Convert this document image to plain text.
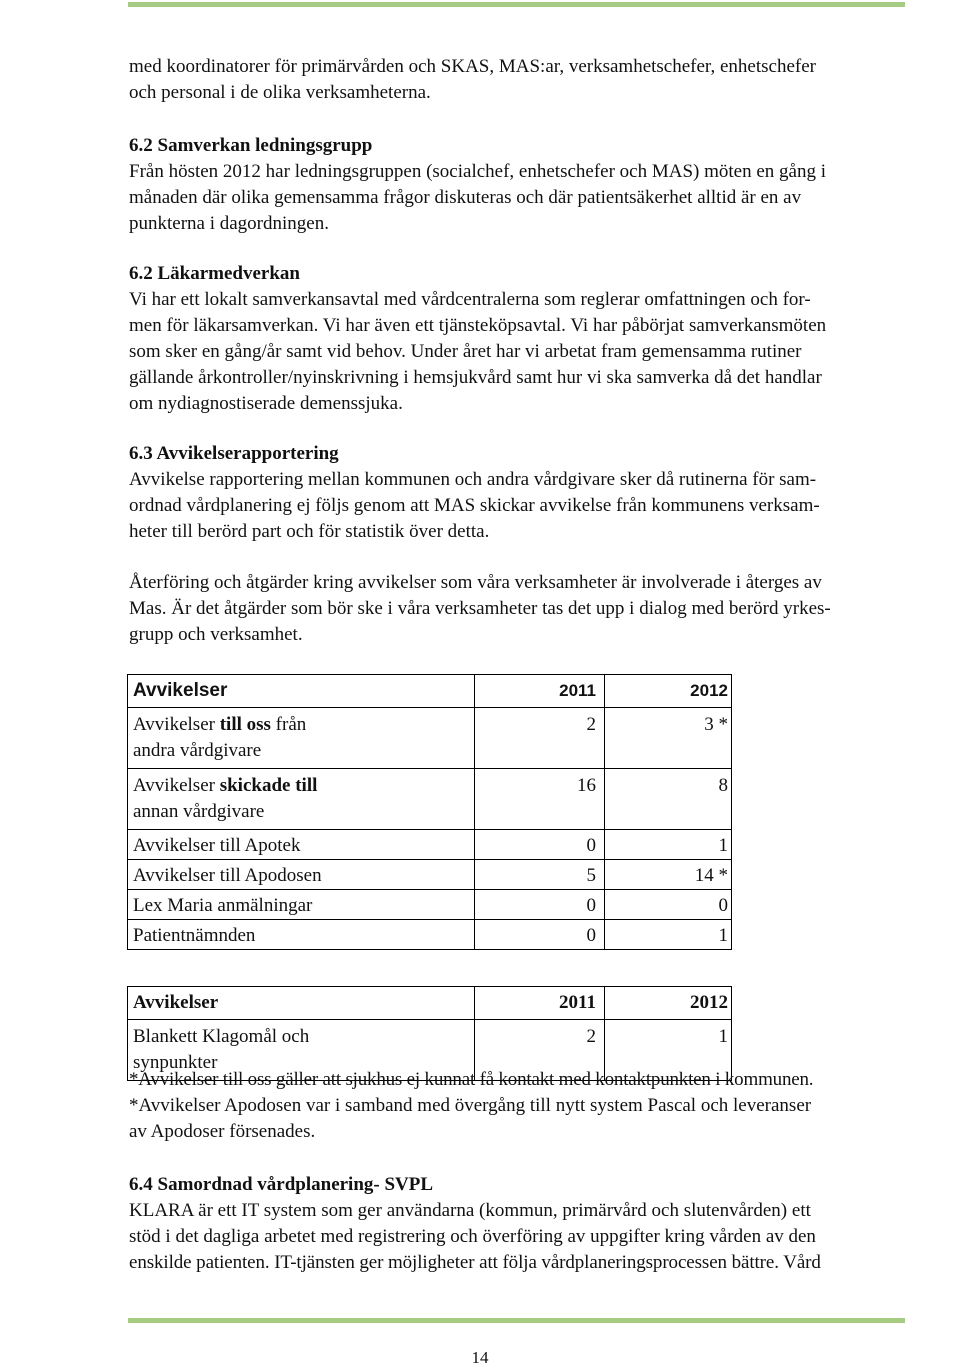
med koordinatorer för primärvården och SKAS, MAS:ar, verksamhetschefer, enhetschefer

och personal i de olika verksamheterna.

6.2 Samverkan ledningsgrupp

Från hösten 2012 har ledningsgruppen (socialchef, enhetschefer och MAS) möten en gång i

månaden där olika gemensamma frågor diskuteras och där patientsäkerhet alltid är en av

punkterna i dagordningen.

6.2 Läkarmedverkan

Vi har ett lokalt samverkansavtal med vårdcentralerna som reglerar omfattningen och for-

men för läkarsamverkan. Vi har även ett tjänsteköpsavtal. Vi har påbörjat samverkansmöten

som sker en gång/år samt vid behov. Under året har vi arbetat fram gemensamma rutiner

gällande årkontroller/nyinskrivning i hemsjukvård samt hur vi ska samverka då det handlar

om nydiagnostiserade demenssjuka.

6.3 Avvikelserapportering

Avvikelse rapportering mellan kommunen och andra vårdgivare sker då rutinerna för sam-

ordnad vårdplanering ej följs genom att MAS skickar avvikelse från kommunens verksam-

heter till berörd part och för statistik över detta.

Återföring och åtgärder kring avvikelser som våra verksamheter är involverade i återges av

Mas. Är det åtgärder som bör ske i våra verksamheter tas det upp i dialog med berörd yrkes-

grupp och verksamhet.

Avvikelser	2011	2012
Avvikelser till oss från
andra vårdgivare	2	3 *
Avvikelser skickade till
annan vårdgivare	16	8
Avvikelser till Apotek	0	1
Avvikelser till Apodosen	5	14 *
Lex Maria anmälningar	0	0
Patientnämnden	0	1

Avvikelser	2011	2012
Blankett Klagomål och
synpunkter	2	1

*Avvikelser till oss gäller att sjukhus ej kunnat få kontakt med kontaktpunkten i kommunen.

*Avvikelser Apodosen var i samband med övergång till nytt system Pascal och leveranser

av Apodoser försenades.

6.4 Samordnad vårdplanering- SVPL

KLARA är ett IT system som ger användarna (kommun, primärvård och slutenvården) ett

stöd i det dagliga arbetet med registrering och överföring av uppgifter kring vården av den

enskilde patienten. IT-tjänsten ger möjligheter att följa vårdplaneringsprocessen bättre. Vård

14
